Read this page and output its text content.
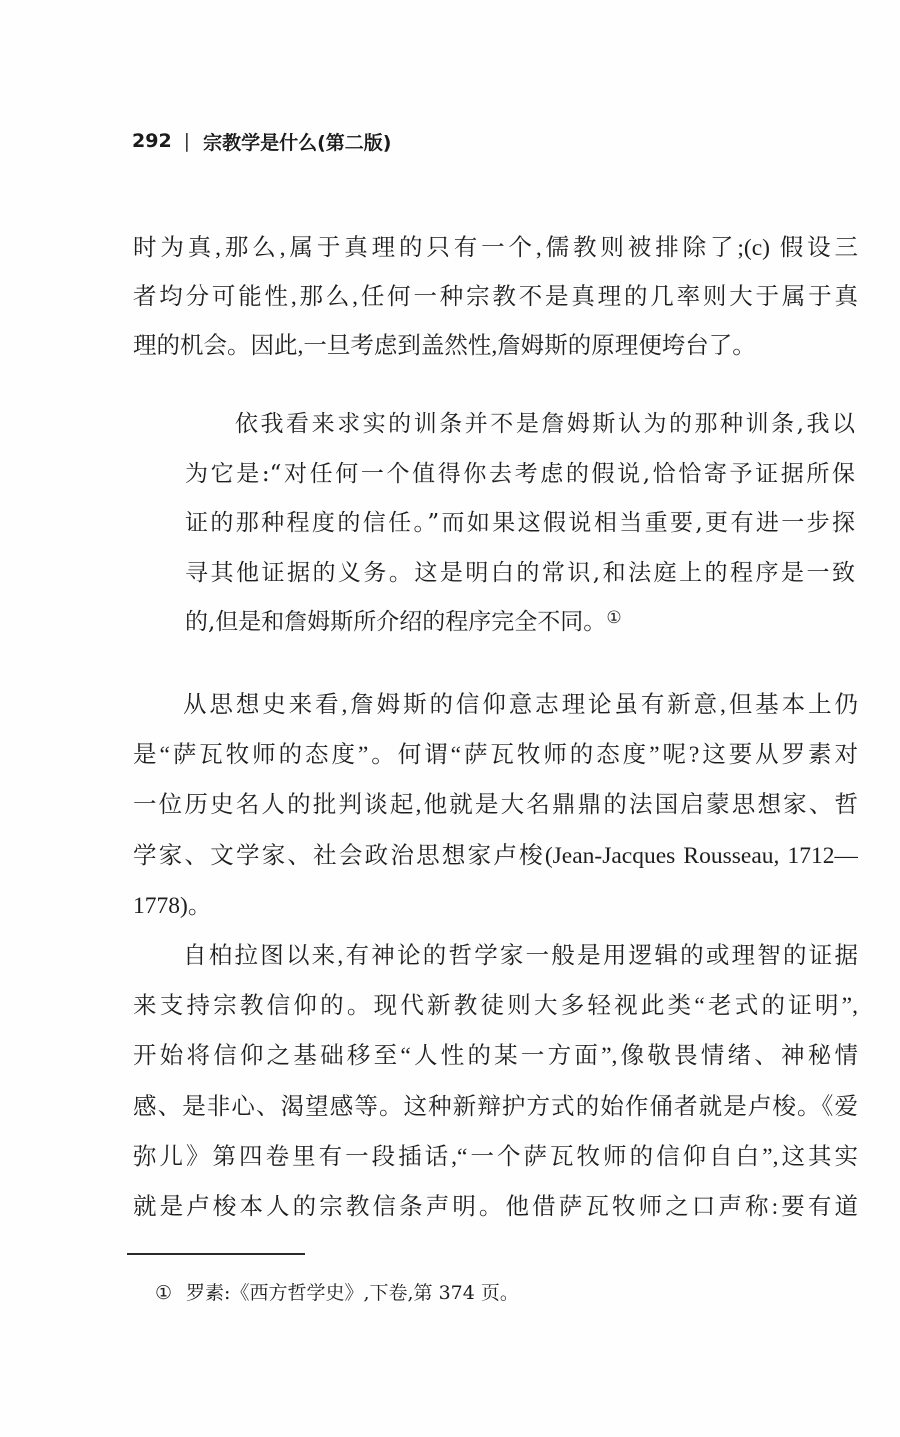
292 | 宗教学是什么(第二版)
时为真,那么,属于真理的只有一个,儒教则被排除了;(c) 假设三
者均分可能性,那么,任何一种宗教不是真理的几率则大于属于真
理的机会。因此,一旦考虑到盖然性,詹姆斯的原理便垮台了。
依我看来求实的训条并不是詹姆斯认为的那种训条,我以
为它是:“对任何一个值得你去考虑的假说,恰恰寄予证据所保
证的那种程度的信任。”而如果这假说相当重要,更有进一步探
寻其他证据的义务。这是明白的常识,和法庭上的程序是一致
的,但是和詹姆斯所介绍的程序完全不同。①
从思想史来看,詹姆斯的信仰意志理论虽有新意,但基本上仍
是“萨瓦牧师的态度”。何谓“萨瓦牧师的态度”呢?这要从罗素对
一位历史名人的批判谈起,他就是大名鼎鼎的法国启蒙思想家、哲
学家、文学家、社会政治思想家卢梭(Jean-Jacques Rousseau, 1712—
1778)。
自柏拉图以来,有神论的哲学家一般是用逻辑的或理智的证据
来支持宗教信仰的。现代新教徒则大多轻视此类“老式的证明”,
开始将信仰之基础移至“人性的某一方面”,像敬畏情绪、神秘情
感、是非心、渴望感等。这种新辩护方式的始作俑者就是卢梭。《爱
弥儿》第四卷里有一段插话,“一个萨瓦牧师的信仰自白”,这其实
就是卢梭本人的宗教信条声明。他借萨瓦牧师之口声称:要有道
① 罗素:《西方哲学史》,下卷,第 374 页。
